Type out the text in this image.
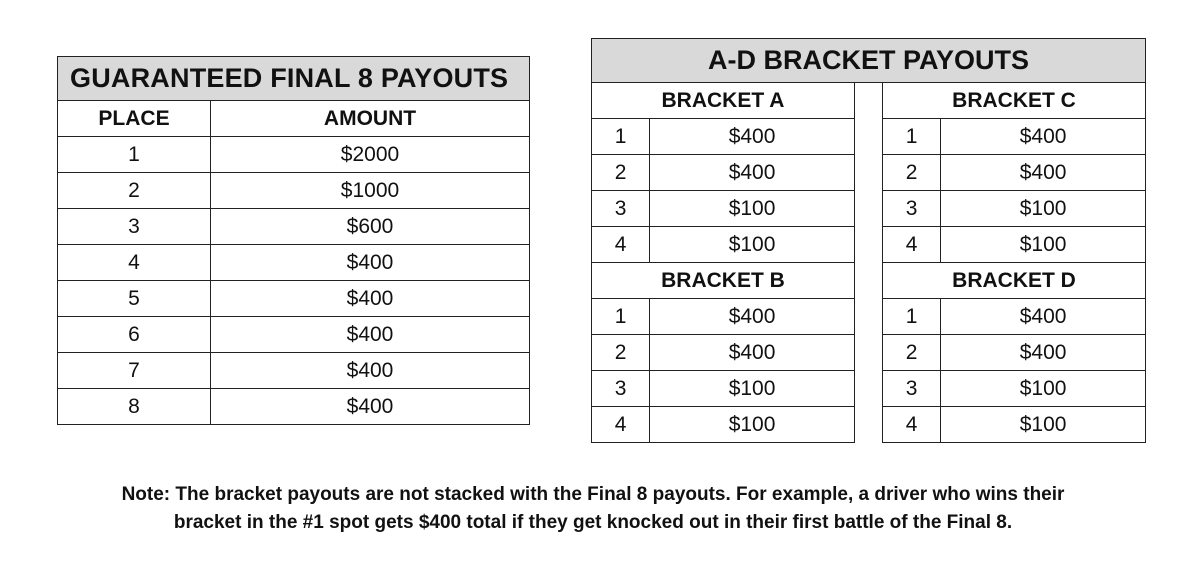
GUARANTEED FINAL 8 PAYOUTS	
PLACE	AMOUNT
1	$2000
2	$1000
3	$600
4	$400
5	$400
6	$400
7	$400
8	$400
A-D BRACKET PAYOUTS				
BRACKET A			BRACKET C	
1	$400		1	$400
2	$400		2	$400
3	$100		3	$100
4	$100		4	$100
BRACKET B			BRACKET D	
1	$400		1	$400
2	$400		2	$400
3	$100		3	$100
4	$100		4	$100
Note: The bracket payouts are not stacked with the Final 8 payouts. For example, a driver who wins their
bracket in the #1 spot gets $400 total if they get knocked out in their first battle of the Final 8.
